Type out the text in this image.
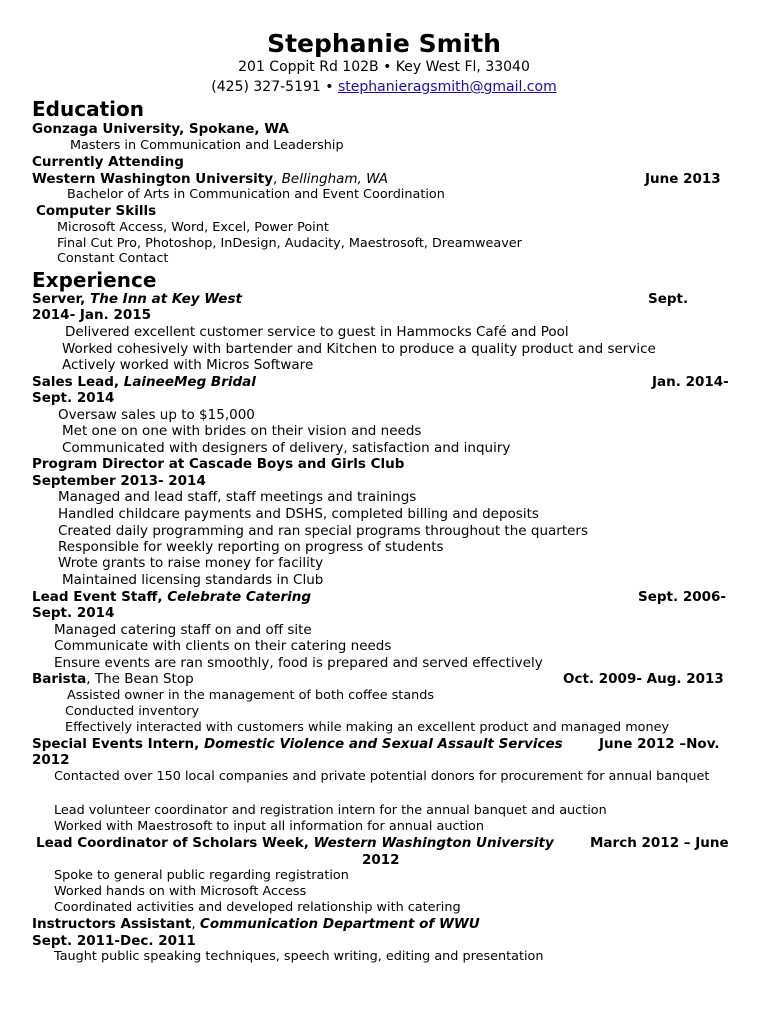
Stephanie Smith
201 Coppit Rd 102B • Key West Fl, 33040
(425) 327-5191 • stephanieragsmith@gmail.com
Education
Gonzaga University, Spokane, WA
Masters in Communication and Leadership
Currently Attending
Western Washington University, Bellingham, WA	June 2013
Bachelor of Arts in Communication and Event Coordination
Computer Skills
Microsoft Access, Word, Excel, Power Point
Final Cut Pro, Photoshop, InDesign, Audacity, Maestrosoft, Dreamweaver
Constant Contact
Experience
Server, The Inn at Key West	Sept.
2014- Jan. 2015
Delivered excellent customer service to guest in Hammocks Café and Pool
Worked cohesively with bartender and Kitchen to produce a quality product and service
Actively worked with Micros Software
Sales Lead, LaineeMeg Bridal	Jan. 2014-
Sept. 2014
Oversaw sales up to $15,000
Met one on one with brides on their vision and needs
Communicated with designers of delivery, satisfaction and inquiry
Program Director at Cascade Boys and Girls Club
September 2013- 2014
Managed and lead staff, staff meetings and trainings
Handled childcare payments and DSHS, completed billing and deposits
Created daily programming and ran special programs throughout the quarters
Responsible for weekly reporting on progress of students
Wrote grants to raise money for facility
Maintained licensing standards in Club
Lead Event Staff, Celebrate Catering	Sept. 2006-
Sept. 2014
Managed catering staff on and off site
Communicate with clients on their catering needs
Ensure events are ran smoothly, food is prepared and served effectively
Barista, The Bean Stop	Oct. 2009- Aug. 2013
Assisted owner in the management of both coffee stands
Conducted inventory
Effectively interacted with customers while making an excellent product and managed money
Special Events Intern, Domestic Violence and Sexual Assault Services	June 2012 –Nov.
2012
Contacted over 150 local companies and private potential donors for procurement for annual banquet
Lead volunteer coordinator and registration intern for the annual banquet and auction
Worked with Maestrosoft to input all information for annual auction
Lead Coordinator of Scholars Week, Western Washington University	March 2012 – June
2012
Spoke to general public regarding registration
Worked hands on with Microsoft Access
Coordinated activities and developed relationship with catering
Instructors Assistant, Communication Department of WWU
Sept. 2011-Dec. 2011
Taught public speaking techniques, speech writing, editing and presentation
